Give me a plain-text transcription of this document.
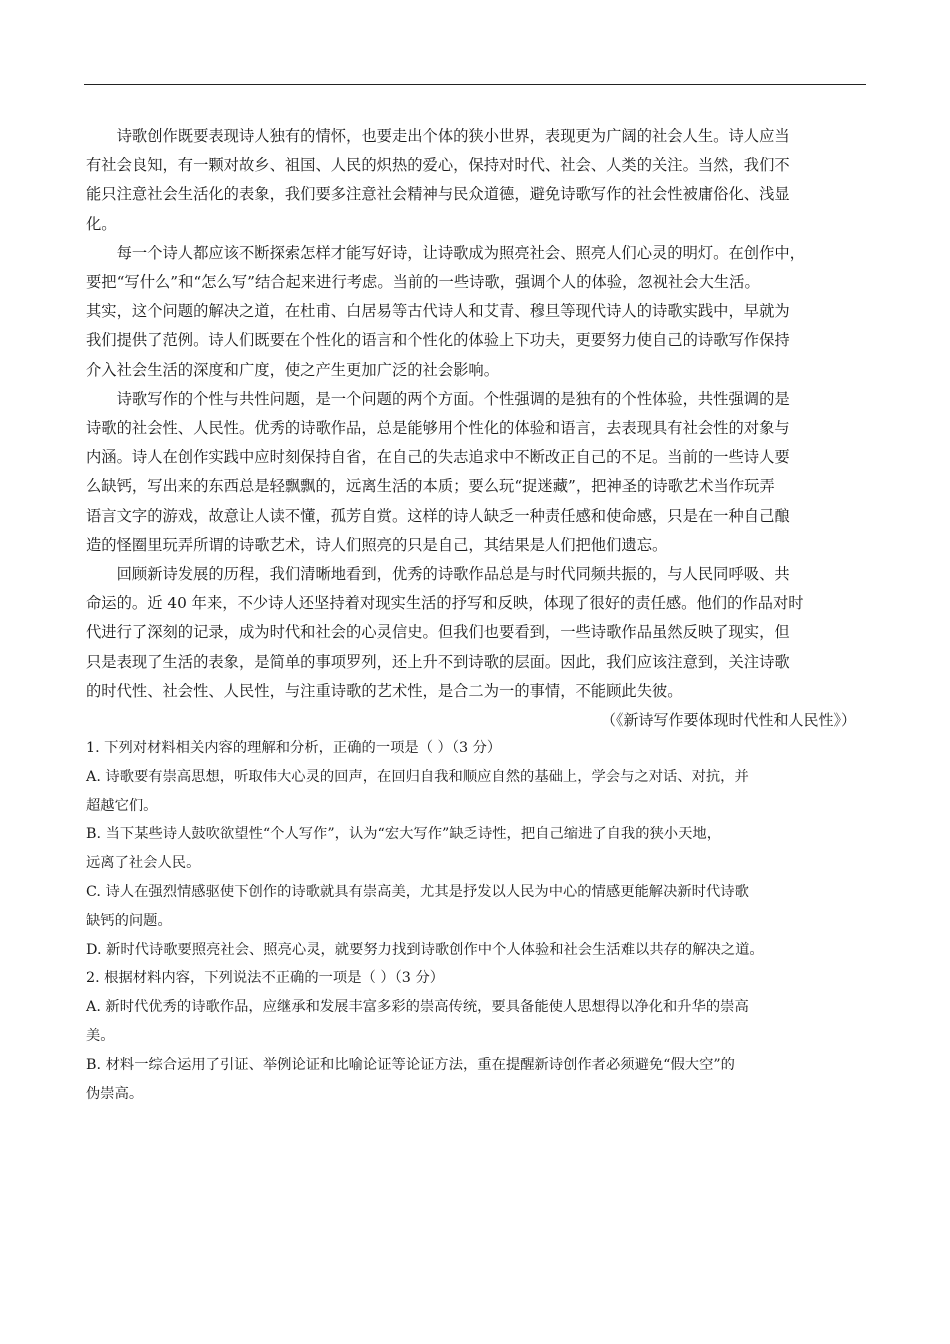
诗歌创作既要表现诗人独有的情怀，也要走出个体的狭小世界，表现更为广阔的社会人生。诗人应当
有社会良知，有一颗对故乡、祖国、人民的炽热的爱心，保持对时代、社会、人类的关注。当然，我们不
能只注意社会生活化的表象，我们要多注意社会精神与民众道德，避免诗歌写作的社会性被庸俗化、浅显
化。

每一个诗人都应该不断探索怎样才能写好诗，让诗歌成为照亮社会、照亮人们心灵的明灯。在创作中，
要把“写什么”和“怎么写”结合起来进行考虑。当前的一些诗歌，强调个人的体验，忽视社会大生活。
其实，这个问题的解决之道，在杜甫、白居易等古代诗人和艾青、穆旦等现代诗人的诗歌实践中，早就为
我们提供了范例。诗人们既要在个性化的语言和个性化的体验上下功夫，更要努力使自己的诗歌写作保持
介入社会生活的深度和广度，使之产生更加广泛的社会影响。

诗歌写作的个性与共性问题，是一个问题的两个方面。个性强调的是独有的个性体验，共性强调的是
诗歌的社会性、人民性。优秀的诗歌作品，总是能够用个性化的体验和语言，去表现具有社会性的对象与
内涵。诗人在创作实践中应时刻保持自省，在自己的失志追求中不断改正自己的不足。当前的一些诗人要
么缺钙，写出来的东西总是轻飘飘的，远离生活的本质；要么玩“捉迷藏”，把神圣的诗歌艺术当作玩弄
语言文字的游戏，故意让人读不懂，孤芳自赏。这样的诗人缺乏一种责任感和使命感，只是在一种自己酿
造的怪圈里玩弄所谓的诗歌艺术，诗人们照亮的只是自己，其结果是人们把他们遗忘。

回顾新诗发展的历程，我们清晰地看到，优秀的诗歌作品总是与时代同频共振的，与人民同呼吸、共
命运的。近 40 年来，不少诗人还坚持着对现实生活的抒写和反映，体现了很好的责任感。他们的作品对时
代进行了深刻的记录，成为时代和社会的心灵信史。但我们也要看到，一些诗歌作品虽然反映了现实，但
只是表现了生活的表象，是简单的事项罗列，还上升不到诗歌的层面。因此，我们应该注意到，关注诗歌
的时代性、社会性、人民性，与注重诗歌的艺术性，是合二为一的事情，不能顾此失彼。

（《新诗写作要体现时代性和人民性》）

1. 下列对材料相关内容的理解和分析，正确的一项是（ ）（3 分）

A. 诗歌要有崇高思想，听取伟大心灵的回声，在回归自我和顺应自然的基础上，学会与之对话、对抗，并
超越它们。

B. 当下某些诗人鼓吹欲望性“个人写作”，认为“宏大写作”缺乏诗性，把自己缩进了自我的狭小天地，
远离了社会人民。

C. 诗人在强烈情感驱使下创作的诗歌就具有崇高美，尤其是抒发以人民为中心的情感更能解决新时代诗歌
缺钙的问题。

D. 新时代诗歌要照亮社会、照亮心灵，就要努力找到诗歌创作中个人体验和社会生活难以共存的解决之道。

2. 根据材料内容，下列说法不正确的一项是（ ）（3 分）

A. 新时代优秀的诗歌作品，应继承和发展丰富多彩的崇高传统，要具备能使人思想得以净化和升华的崇高
美。

B. 材料一综合运用了引证、举例论证和比喻论证等论证方法，重在提醒新诗创作者必须避免“假大空”的
伪崇高。
